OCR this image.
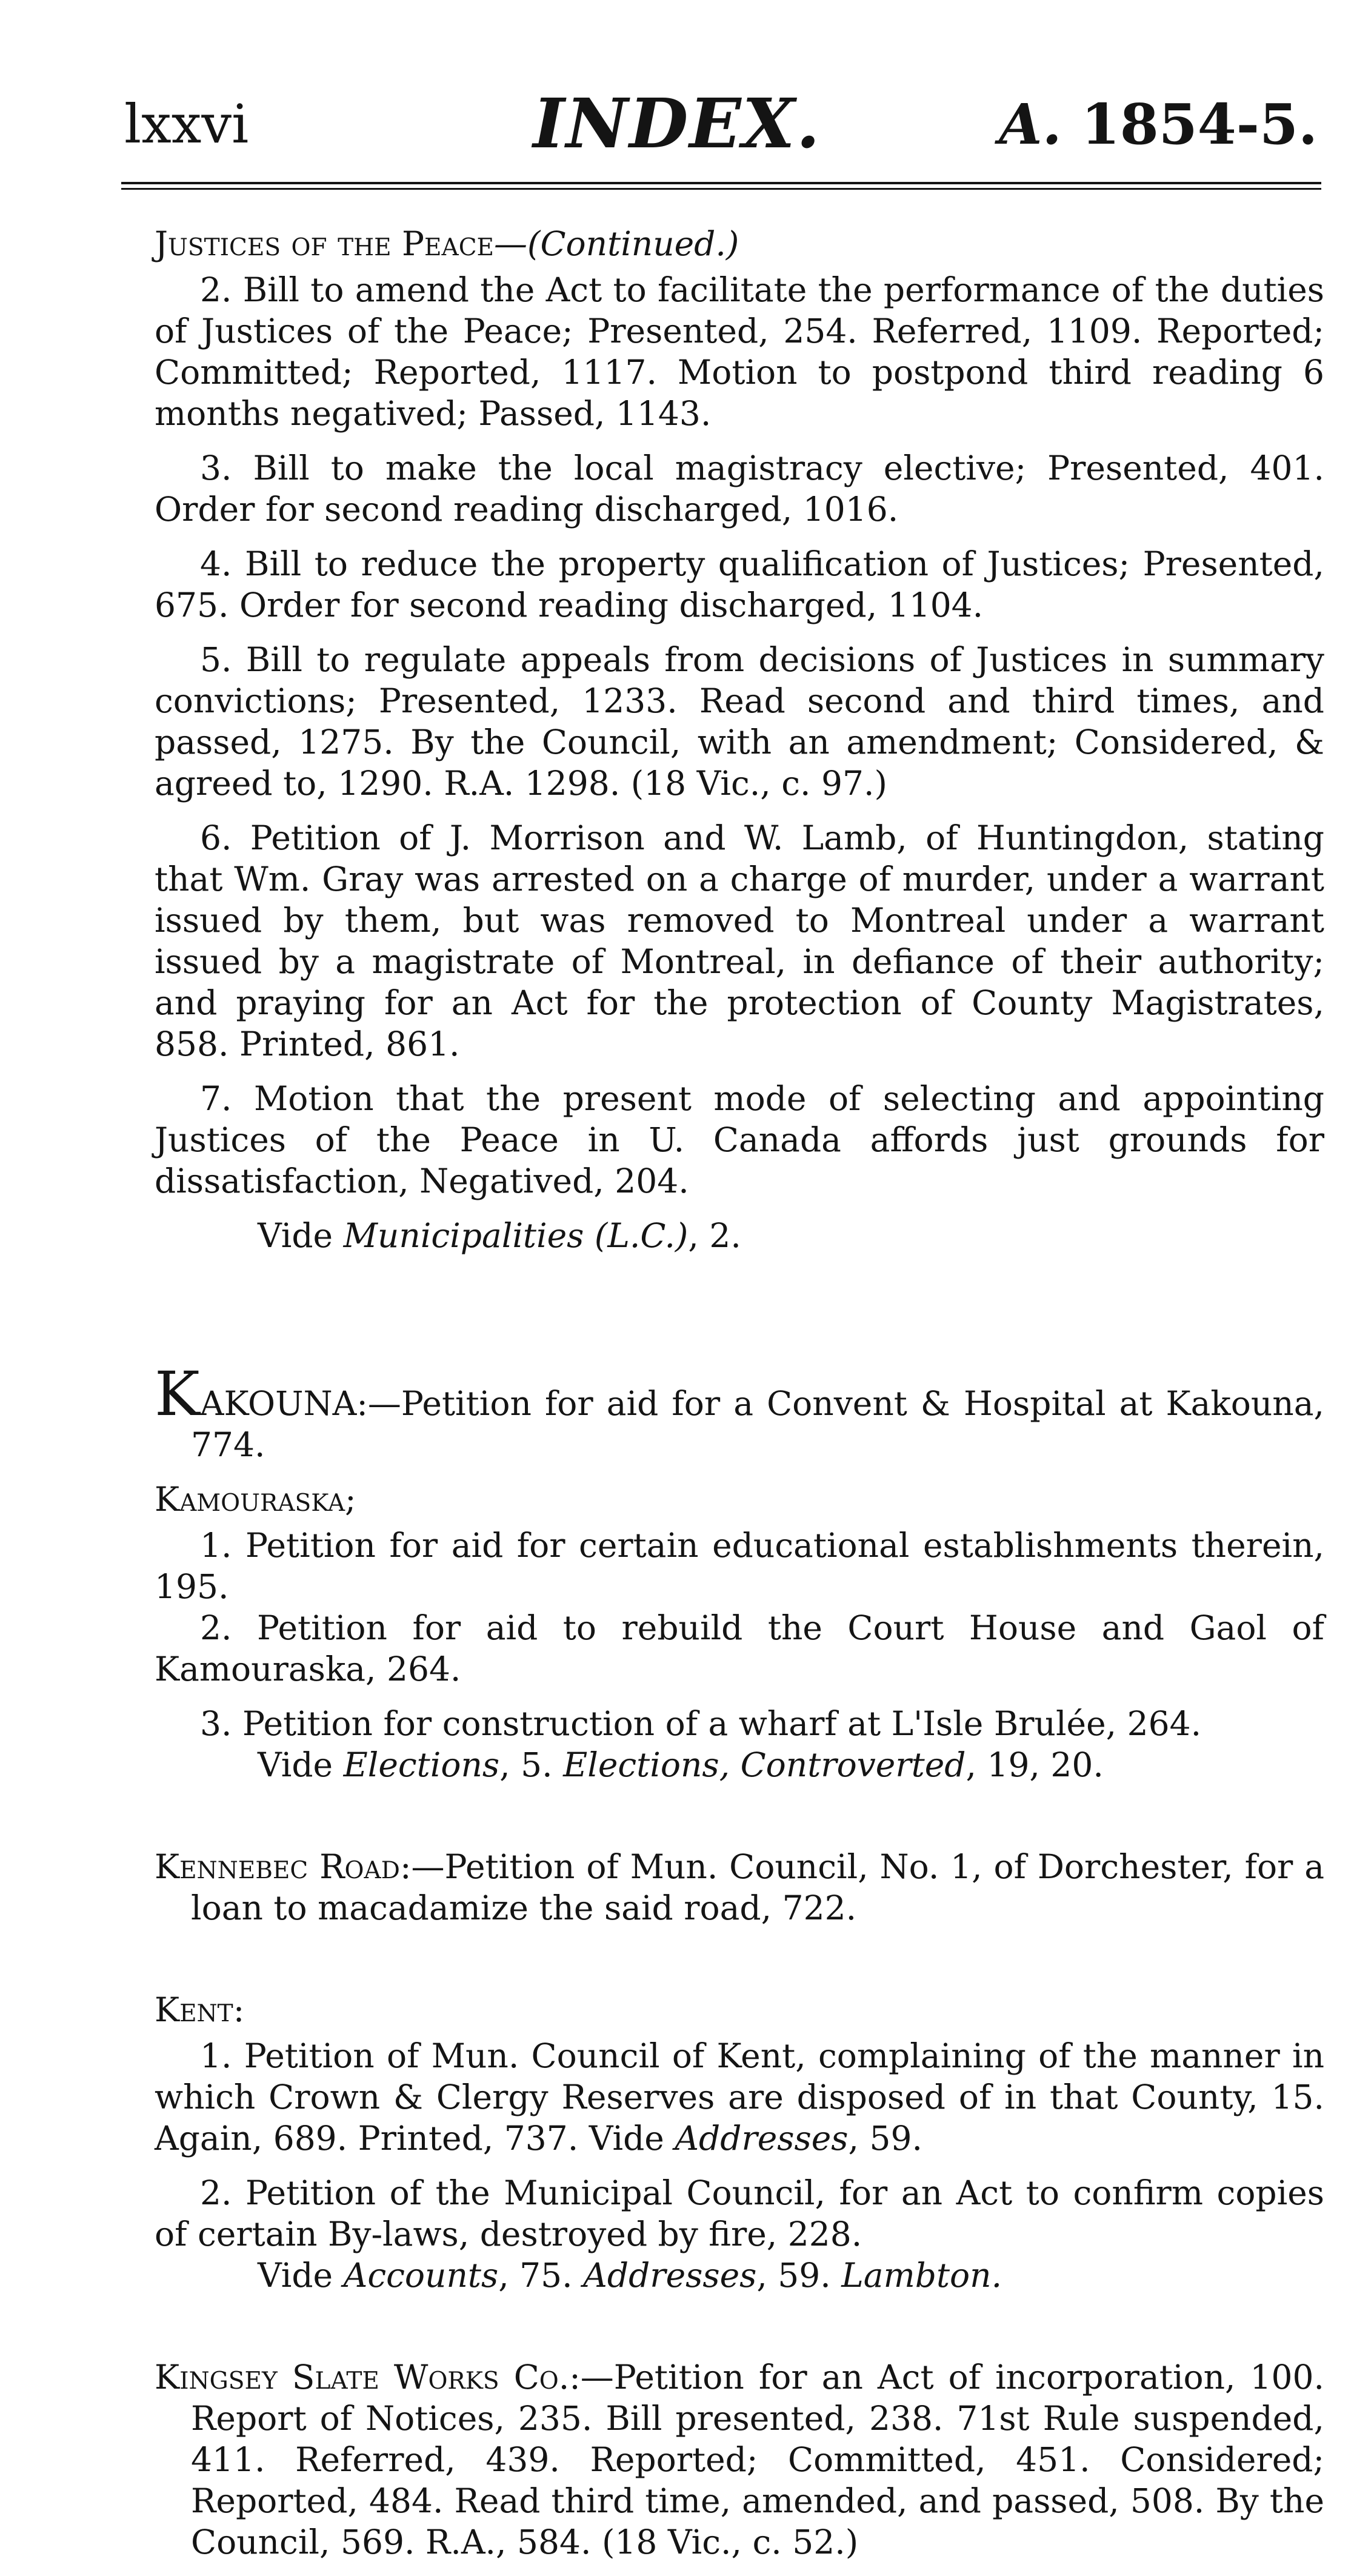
lxxvi	INDEX.	A. 1854-5.

Justices of the Peace—(Continued.)

2. Bill to amend the Act to facilitate the performance of the duties of Justices of the Peace; Presented, 254. Referred, 1109. Reported; Committed; Reported, 1117. Motion to postpond third reading 6 months negatived; Passed, 1143.

3. Bill to make the local magistracy elective; Presented, 401. Order for second reading discharged, 1016.

4. Bill to reduce the property qualification of Justices; Presented, 675. Order for second reading discharged, 1104.

5. Bill to regulate appeals from decisions of Justices in summary convictions; Presented, 1233. Read second and third times, and passed, 1275. By the Council, with an amendment; Considered, & agreed to, 1290. R.A. 1298. (18 Vic., c. 97.)

6. Petition of J. Morrison and W. Lamb, of Huntingdon, stating that Wm. Gray was arrested on a charge of murder, under a warrant issued by them, but was removed to Montreal under a warrant issued by a magistrate of Montreal, in defiance of their authority; and praying for an Act for the protection of County Magistrates, 858. Printed, 861.

7. Motion that the present mode of selecting and appointing Justices of the Peace in U. Canada affords just grounds for dissatisfaction, Negatived, 204.

Vide Municipalities (L.C.), 2.

KAKOUNA:—Petition for aid for a Convent & Hospital at Kakouna, 774.

Kamouraska;

1. Petition for aid for certain educational establishments therein, 195.

2. Petition for aid to rebuild the Court House and Gaol of Kamouraska, 264.

3. Petition for construction of a wharf at L'Isle Brulée, 264.

Vide Elections, 5. Elections, Controverted, 19, 20.

Kennebec Road:—Petition of Mun. Council, No. 1, of Dorchester, for a loan to macadamize the said road, 722.

Kent:

1. Petition of Mun. Council of Kent, complaining of the manner in which Crown & Clergy Reserves are disposed of in that County, 15. Again, 689. Printed, 737. Vide Addresses, 59.

2. Petition of the Municipal Council, for an Act to confirm copies of certain By-laws, destroyed by fire, 228.

Vide Accounts, 75. Addresses, 59. Lambton.

Kingsey Slate Works Co.:—Petition for an Act of incorporation, 100. Report of Notices, 235. Bill presented, 238. 71st Rule suspended, 411. Referred, 439. Reported; Committed, 451. Considered; Reported, 484. Read third time, amended, and passed, 508. By the Council, 569. R.A., 584. (18 Vic., c. 52.)
